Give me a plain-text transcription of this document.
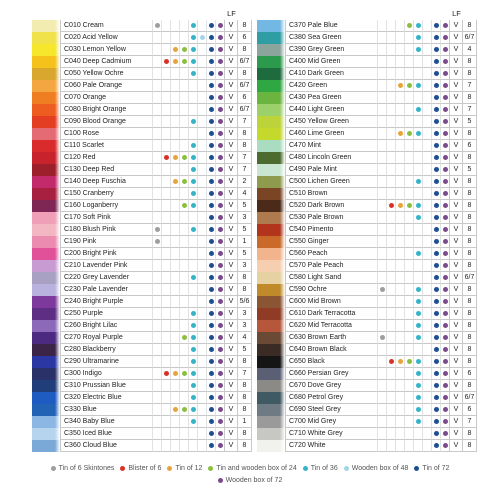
LF
C010 Cream	V	8
C020 Acid Yellow	V	6
C030 Lemon Yellow	V	8
C040 Deep Cadmium	V 6/7
C050 Yellow Ochre	V	8
C060 Pale Orange	V 6/7
C070 Orange	V	6
C080 Bright Orange	V 6/7
C090 Blood Orange	V	7
C100 Rose	V	8
C110 Scarlet	V	8
C120 Red	V	7
C130 Deep Red	V	7
C140 Deep Fuschia	V	2
C150 Cranberry	V	4
C160 Loganberry	V	5
C170 Soft Pink	V	3
C180 Blush Pink	V	5
C190 Pink	V	1
C200 Bright Pink	V	5
C210 Lavender Pink	V	3
C220 Grey Lavender	V	8
C230 Pale Lavender	V	8
C240 Bright Purple	V 5/6
C250 Purple	V	3
C260 Bright Lilac	V	3
C270 Royal Purple	V	4
C280 Blackberry	V	5
C290 Ultramarine	V	8
C300 Indigo	V	7
C310 Prussian Blue	V	8
C320 Electric Blue	V	8
C330 Blue	V	8
C340 Baby Blue	V	1
C350 Iced Blue	V	8
C360 Cloud Blue	V	8
LF
C370 Pale Blue	V	8
C380 Sea Green	V 6/7
C390 Grey Green	V	4
C400 Mid Green	V	8
C410 Dark Green	V	8
C420 Green	V	7
C430 Pea Green	V	8
C440 Light Green	V	7
C450 Yellow Green	V	5
C460 Lime Green	V	8
C470 Mint	V	6
C480 Lincoln Green	V	8
C490 Pale Mint	V	5
C500 Lichen Green	V	8
C510 Brown	V	8
C520 Dark Brown	V	8
C530 Pale Brown	V	8
C540 Pimento	V	8
C550 Ginger	V	8
C560 Peach	V	8
C570 Pale Peach	V	8
C580 Light Sand	V 6/7
C590 Ochre	V	8
C600 Mid Brown	V	8
C610 Dark Terracotta	V	8
C620 Mid Terracotta	V	8
C630 Brown Earth	V	8
C640 Brown Black	V	8
C650 Black	V	8
C660 Persian Grey	V	6
C670 Dove Grey	V	8
C680 Petrol Grey	V 6/7
C690 Steel Grey	V	6
C700 Mid Grey	V	7
C710 White Grey	V	8
C720 White	V	8
Tin of 6 Skintones Blister of 6 Tin of 12 Tin and wooden box of 24 Tin of 36 Wooden box of 48 Tin of 72
Wooden box of 72
